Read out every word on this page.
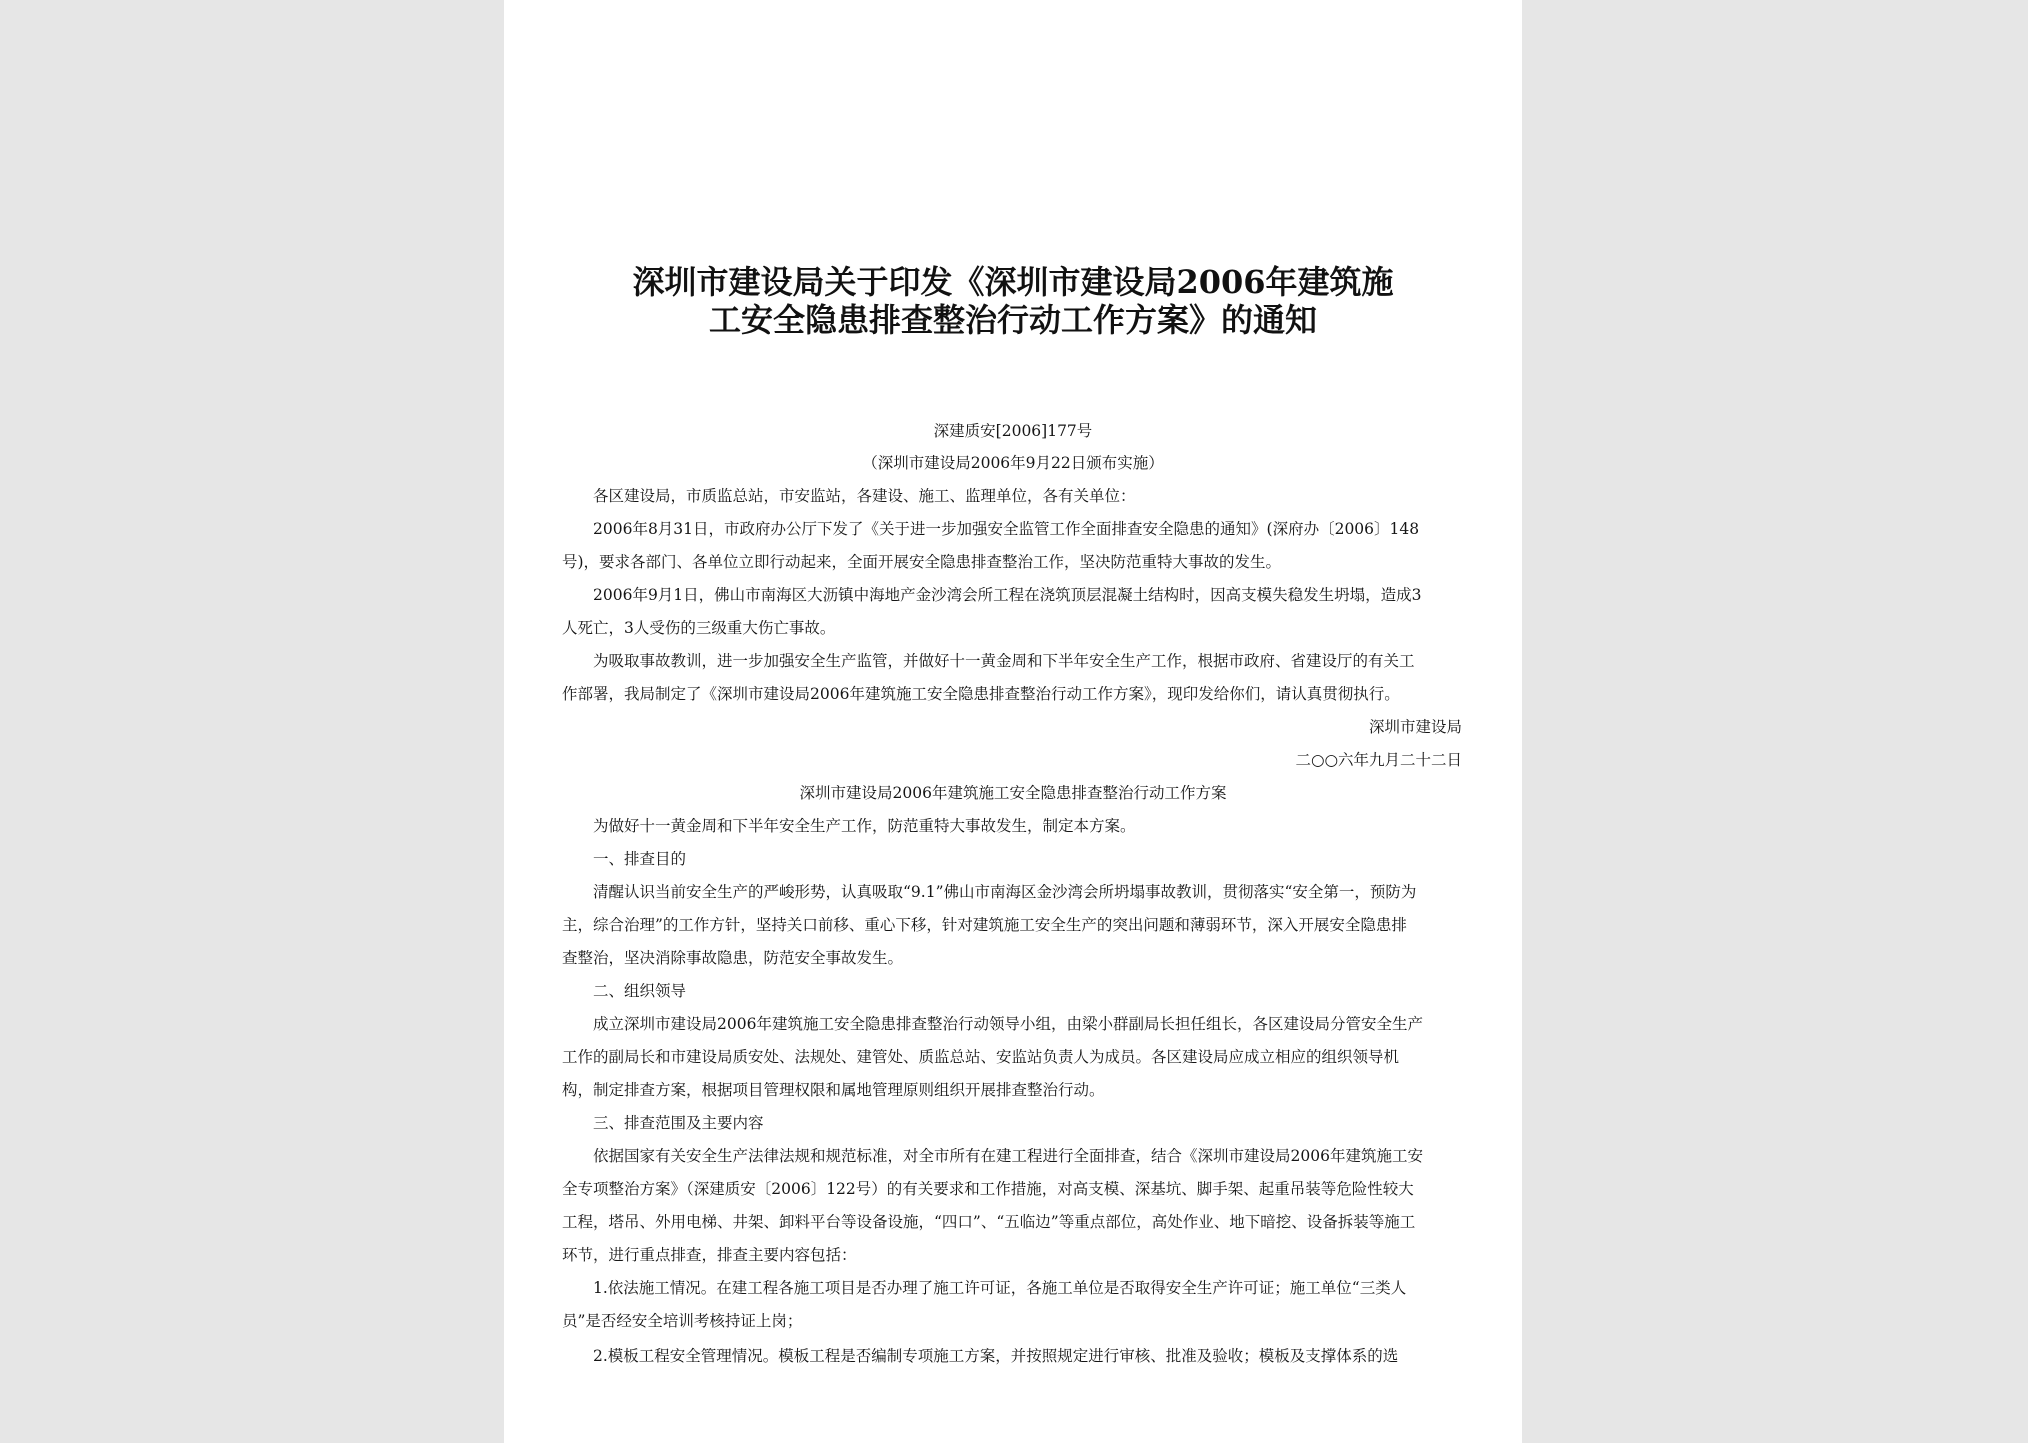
深圳市建设局关于印发《深圳市建设局2006年建筑施
工安全隐患排查整治行动工作方案》的通知
深建质安[2006]177号
（深圳市建设局2006年9月22日颁布实施）
各区建设局，市质监总站，市安监站，各建设、施工、监理单位，各有关单位：
2006年8月31日，市政府办公厅下发了《关于进一步加强安全监管工作全面排查安全隐患的通知》(深府办〔2006〕148
号)，要求各部门、各单位立即行动起来，全面开展安全隐患排查整治工作，坚决防范重特大事故的发生。
2006年9月1日，佛山市南海区大沥镇中海地产金沙湾会所工程在浇筑顶层混凝土结构时，因高支模失稳发生坍塌，造成3
人死亡，3人受伤的三级重大伤亡事故。
为吸取事故教训，进一步加强安全生产监管，并做好十一黄金周和下半年安全生产工作，根据市政府、省建设厅的有关工
作部署，我局制定了《深圳市建设局2006年建筑施工安全隐患排查整治行动工作方案》，现印发给你们，请认真贯彻执行。
深圳市建设局
二○○六年九月二十二日
深圳市建设局2006年建筑施工安全隐患排查整治行动工作方案
为做好十一黄金周和下半年安全生产工作，防范重特大事故发生，制定本方案。
一、排查目的
清醒认识当前安全生产的严峻形势，认真吸取“9.1”佛山市南海区金沙湾会所坍塌事故教训，贯彻落实“安全第一，预防为
主，综合治理”的工作方针，坚持关口前移、重心下移，针对建筑施工安全生产的突出问题和薄弱环节，深入开展安全隐患排
查整治，坚决消除事故隐患，防范安全事故发生。
二、组织领导
成立深圳市建设局2006年建筑施工安全隐患排查整治行动领导小组，由梁小群副局长担任组长，各区建设局分管安全生产
工作的副局长和市建设局质安处、法规处、建管处、质监总站、安监站负责人为成员。各区建设局应成立相应的组织领导机
构，制定排查方案，根据项目管理权限和属地管理原则组织开展排查整治行动。
三、排查范围及主要内容
依据国家有关安全生产法律法规和规范标准，对全市所有在建工程进行全面排查，结合《深圳市建设局2006年建筑施工安
全专项整治方案》（深建质安〔2006〕122号）的有关要求和工作措施，对高支模、深基坑、脚手架、起重吊装等危险性较大
工程，塔吊、外用电梯、井架、卸料平台等设备设施，“四口”、“五临边”等重点部位，高处作业、地下暗挖、设备拆装等施工
环节，进行重点排查，排查主要内容包括：
1.依法施工情况。在建工程各施工项目是否办理了施工许可证，各施工单位是否取得安全生产许可证；施工单位“三类人
员”是否经安全培训考核持证上岗；
2.模板工程安全管理情况。模板工程是否编制专项施工方案，并按照规定进行审核、批准及验收；模板及支撑体系的选
